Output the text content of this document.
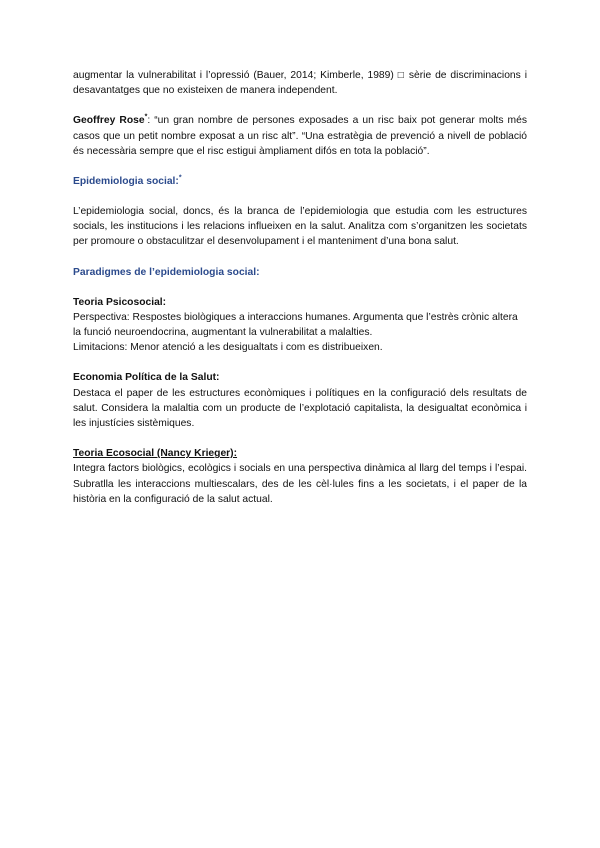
augmentar la vulnerabilitat i l’opressió (Bauer, 2014; Kimberle, 1989) □ sèrie de discriminacions i desavantatges que no existeixen de manera independent.

Geoffrey Rose*: “un gran nombre de persones exposades a un risc baix pot generar molts més casos que un petit nombre exposat a un risc alt”. “Una estratègia de prevenció a nivell de població és necessària sempre que el risc estigui àmpliament difós en tota la població”.

Epidemiologia social:*

L’epidemiologia social, doncs, és la branca de l’epidemiologia que estudia com les estructures socials, les institucions i les relacions influeixen en la salut. Analitza com s’organitzen les societats per promoure o obstaculitzar el desenvolupament i el manteniment d’una bona salut.

Paradigmes de l’epidemiologia social:

Teoria Psicosocial:

Perspectiva: Respostes biològiques a interaccions humanes. Argumenta que l’estrès crònic altera la funció neuroendocrina, augmentant la vulnerabilitat a malalties.

Limitacions: Menor atenció a les desigualtats i com es distribueixen.

Economia Política de la Salut:

Destaca el paper de les estructures econòmiques i polítiques en la configuració dels resultats de salut. Considera la malaltia com un producte de l’explotació capitalista, la desigualtat econòmica i les injustícies sistèmiques.

Teoria Ecosocial (Nancy Krieger):

Integra factors biològics, ecològics i socials en una perspectiva dinàmica al llarg del temps i l’espai. Subratlla les interaccions multiescalars, des de les cèl·lules fins a les societats, i el paper de la història en la configuració de la salut actual.
